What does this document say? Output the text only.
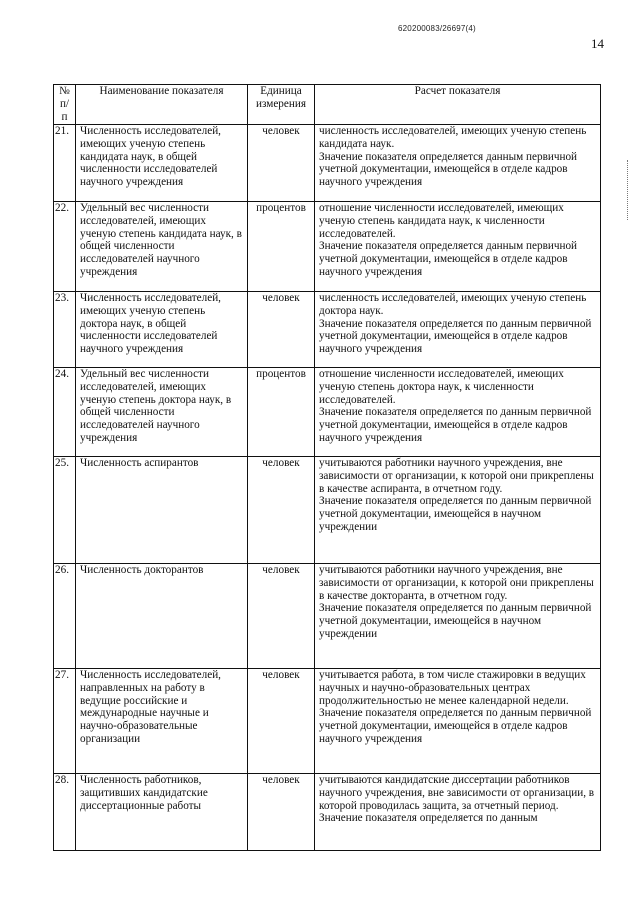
620200083/26697(4)
14
№ п/п	Наименование показателя	Единица измерения	Расчет показателя
21.	Численность исследователей, имеющих ученую степень кандидата наук, в общей численности исследователей научного учреждения	человек	численность исследователей, имеющих ученую степень кандидата наук.

Значение показателя определяется данным первичной учетной документации, имеющейся в отделе кадров научного учреждения

22.	Удельный вес численности исследователей, имеющих ученую степень кандидата наук, в общей численности исследователей научного учреждения	процентов	отношение численности исследователей, имеющих ученую степень кандидата наук, к численности исследователей.

Значение показателя определяется данным первичной учетной документации, имеющейся в отделе кадров научного учреждения

23.	Численность исследователей, имеющих ученую степень доктора наук, в общей численности исследователей научного учреждения	человек	численность исследователей, имеющих ученую степень доктора наук.

Значение показателя определяется по данным первичной учетной документации, имеющейся в отделе кадров научного учреждения

24.	Удельный вес численности исследователей, имеющих ученую степень доктора наук, в общей численности исследователей научного учреждения	процентов	отношение численности исследователей, имеющих ученую степень доктора наук, к численности исследователей.

Значение показателя определяется по данным первичной учетной документации, имеющейся в отделе кадров научного учреждения

25.	Численность аспирантов	человек	учитываются работники научного учреждения, вне зависимости от организации, к которой они прикреплены в качестве аспиранта, в отчетном году.

Значение показателя определяется по данным первичной учетной документации, имеющейся в научном учреждении

26.	Численность докторантов	человек	учитываются работники научного учреждения, вне зависимости от организации, к которой они прикреплены в качестве докторанта, в отчетном году.

Значение показателя определяется по данным первичной учетной документации, имеющейся в научном учреждении

27.	Численность исследователей, направленных на работу в ведущие российские и международные научные и научно-образовательные организации	человек	учитывается работа, в том числе стажировки в ведущих научных и научно-образовательных центрах продолжительностью не менее календарной недели.

Значение показателя определяется по данным первичной учетной документации, имеющейся в отделе кадров научного учреждения

28.	Численность работников, защитивших кандидатские диссертационные работы	человек	учитываются кандидатские диссертации работников научного учреждения, вне зависимости от организации, в которой проводилась защита, за отчетный период.

Значение показателя определяется по данным
